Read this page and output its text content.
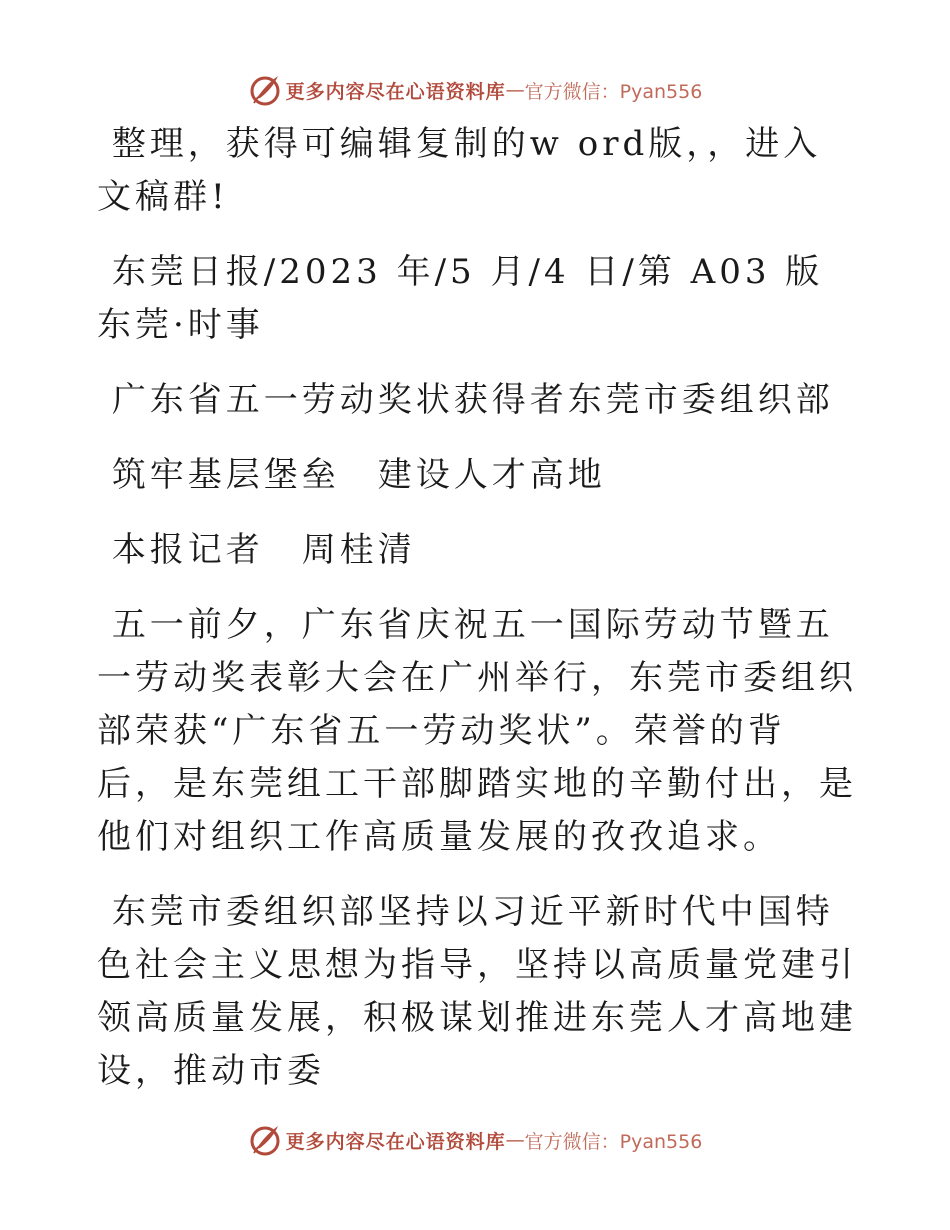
更多内容尽在心语资料库 — 官方微信：Pyan556

整理，获得可编辑复制的w ord版，，进入文稿群!

东莞日报/2023 年/5 月/4 日/第 A03 版东莞·时事

广东省五一劳动奖状获得者东莞市委组织部

筑牢基层堡垒　建设人才高地

本报记者　周桂清

五一前夕，广东省庆祝五一国际劳动节暨五一劳动奖表彰大会在广州举行，东莞市委组织部荣获“广东省五一劳动奖状”。荣誉的背后，是东莞组工干部脚踏实地的辛勤付出，是他们对组织工作高质量发展的孜孜追求。

东莞市委组织部坚持以习近平新时代中国特色社会主义思想为指导，坚持以高质量党建引领高质量发展，积极谋划推进东莞人才高地建设，推动市委

更多内容尽在心语资料库 — 官方微信：Pyan556
